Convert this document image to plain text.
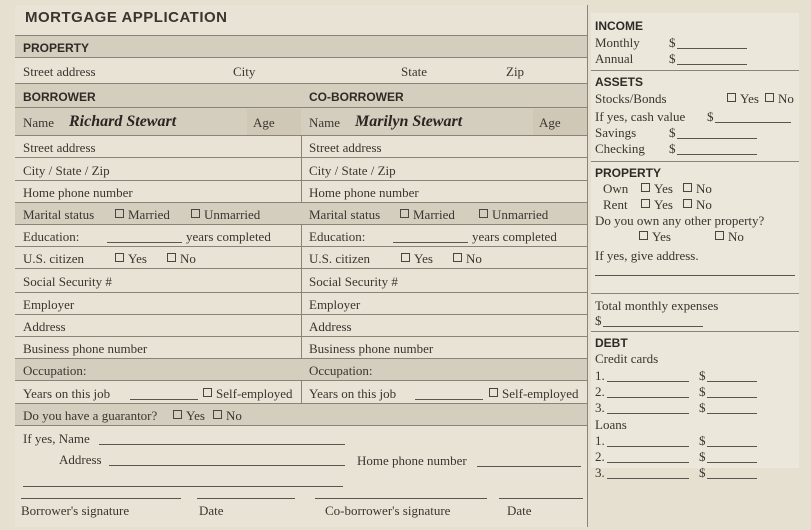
MORTGAGE APPLICATION
PROPERTY
Street address	City	State	Zip
BORROWER
Name Richard Stewart	Age
Street address
City / State / Zip
Home phone number
Marital status	Married	Unmarried
Education:	years completed
U.S. citizen	Yes	No
Social Security #
Employer
Address
Business phone number
Occupation:
Years on this job	Self-employed
CO-BORROWER
Name Marilyn Stewart	Age
Street address
City / State / Zip
Home phone number
Marital status	Married	Unmarried
Education:	years completed
U.S. citizen	Yes	No
Social Security #
Employer
Address
Business phone number
Occupation:
Years on this job	Self-employed
Do you have a guarantor?	Yes	No
If yes, Name
Address	Home phone number
Borrower's signature	Date	Co-borrower's signature	Date
INCOME
Monthly $
Annual	$
ASSETS
Stocks/Bonds	Yes	No
If yes, cash value $
Savings	$
Checking $
PROPERTY
Own	Yes	No
Rent	Yes	No
Do you own any other property?
Yes	No
If yes, give address.
Total monthly expenses
$
DEBT
Credit cards
1.	$
2.	$
3.	$
Loans
1.	$
2.	$
3.	$
